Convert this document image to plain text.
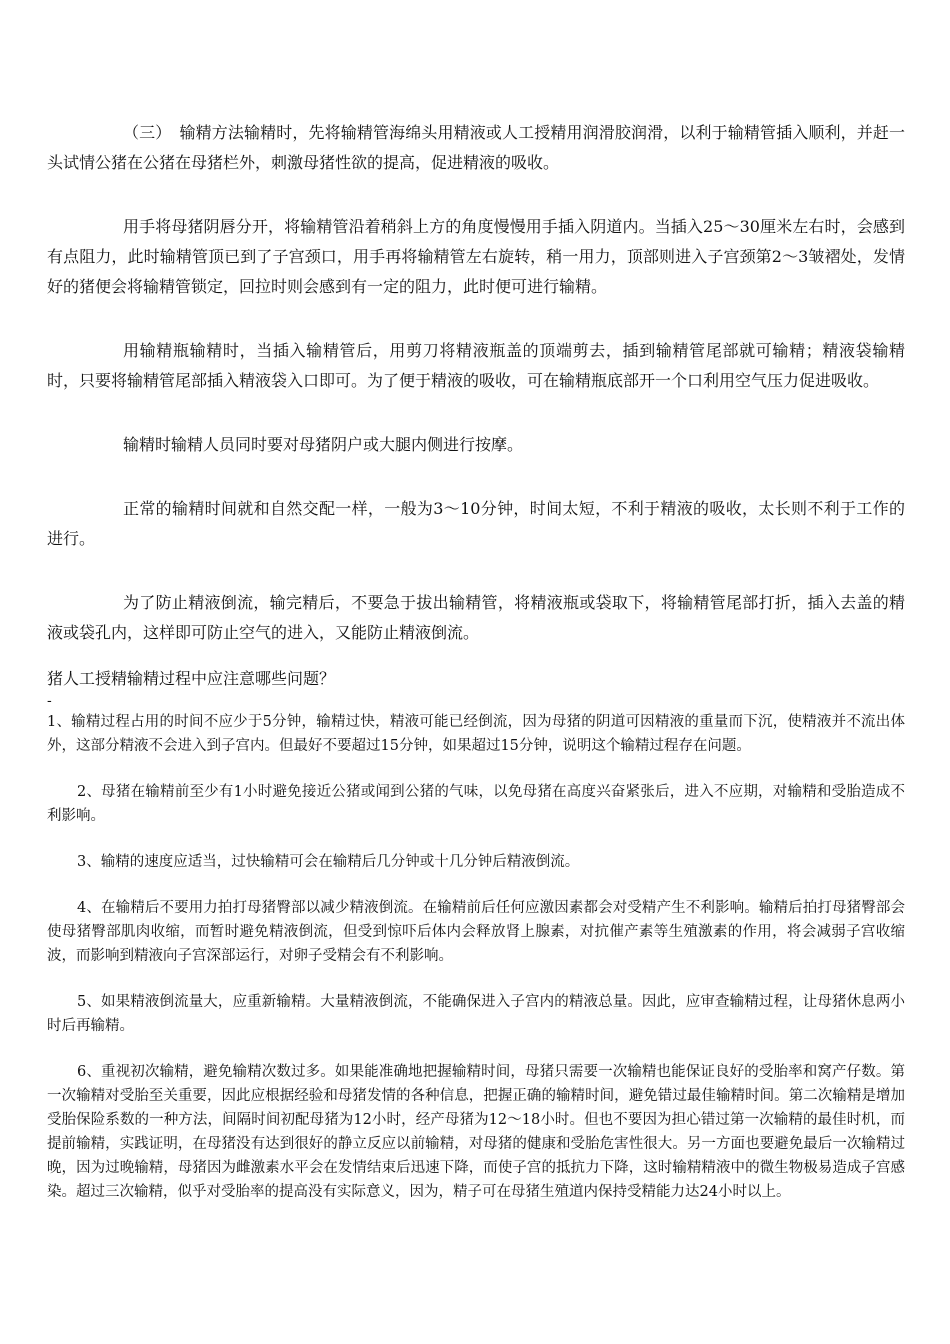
（三）　输精方法输精时，先将输精管海绵头用精液或人工授精用润滑胶润滑，以利于输精管插入顺利，并赶一头试情公猪在公猪在母猪栏外，刺激母猪性欲的提高，促进精液的吸收。

用手将母猪阴唇分开，将输精管沿着稍斜上方的角度慢慢用手插入阴道内。当插入25～30厘米左右时，会感到有点阻力，此时输精管顶已到了子宫颈口，用手再将输精管左右旋转，稍一用力，顶部则进入子宫颈第2～3皱褶处，发情好的猪便会将输精管锁定，回拉时则会感到有一定的阻力，此时便可进行输精。

用输精瓶输精时，当插入输精管后，用剪刀将精液瓶盖的顶端剪去，插到输精管尾部就可输精；精液袋输精时，只要将输精管尾部插入精液袋入口即可。为了便于精液的吸收，可在输精瓶底部开一个口利用空气压力促进吸收。

输精时输精人员同时要对母猪阴户或大腿内侧进行按摩。

正常的输精时间就和自然交配一样，一般为3～10分钟，时间太短，不利于精液的吸收，太长则不利于工作的进行。

为了防止精液倒流，输完精后，不要急于拔出输精管，将精液瓶或袋取下，将输精管尾部打折，插入去盖的精液或袋孔内，这样即可防止空气的进入，又能防止精液倒流。

猪人工授精输精过程中应注意哪些问题？

-

1、输精过程占用的时间不应少于5分钟，输精过快，精液可能已经倒流，因为母猪的阴道可因精液的重量而下沉，使精液并不流出体外，这部分精液不会进入到子宫内。但最好不要超过15分钟，如果超过15分钟，说明这个输精过程存在问题。

2、母猪在输精前至少有1小时避免接近公猪或闻到公猪的气味，以免母猪在高度兴奋紧张后，进入不应期，对输精和受胎造成不利影响。

3、输精的速度应适当，过快输精可会在输精后几分钟或十几分钟后精液倒流。

4、在输精后不要用力拍打母猪臀部以减少精液倒流。在输精前后任何应激因素都会对受精产生不利影响。输精后拍打母猪臀部会使母猪臀部肌肉收缩，而暂时避免精液倒流，但受到惊吓后体内会释放肾上腺素，对抗催产素等生殖激素的作用，将会减弱子宫收缩波，而影响到精液向子宫深部运行，对卵子受精会有不利影响。

5、如果精液倒流量大，应重新输精。大量精液倒流，不能确保进入子宫内的精液总量。因此，应审查输精过程，让母猪休息两小时后再输精。

6、重视初次输精，避免输精次数过多。如果能准确地把握输精时间，母猪只需要一次输精也能保证良好的受胎率和窝产仔数。第一次输精对受胎至关重要，因此应根据经验和母猪发情的各种信息，把握正确的输精时间，避免错过最佳输精时间。第二次输精是增加受胎保险系数的一种方法，间隔时间初配母猪为12小时，经产母猪为12～18小时。但也不要因为担心错过第一次输精的最佳时机，而提前输精，实践证明，在母猪没有达到很好的静立反应以前输精，对母猪的健康和受胎危害性很大。另一方面也要避免最后一次输精过晚，因为过晚输精，母猪因为雌激素水平会在发情结束后迅速下降，而使子宫的抵抗力下降，这时输精精液中的微生物极易造成子宫感染。超过三次输精，似乎对受胎率的提高没有实际意义，因为，精子可在母猪生殖道内保持受精能力达24小时以上。
